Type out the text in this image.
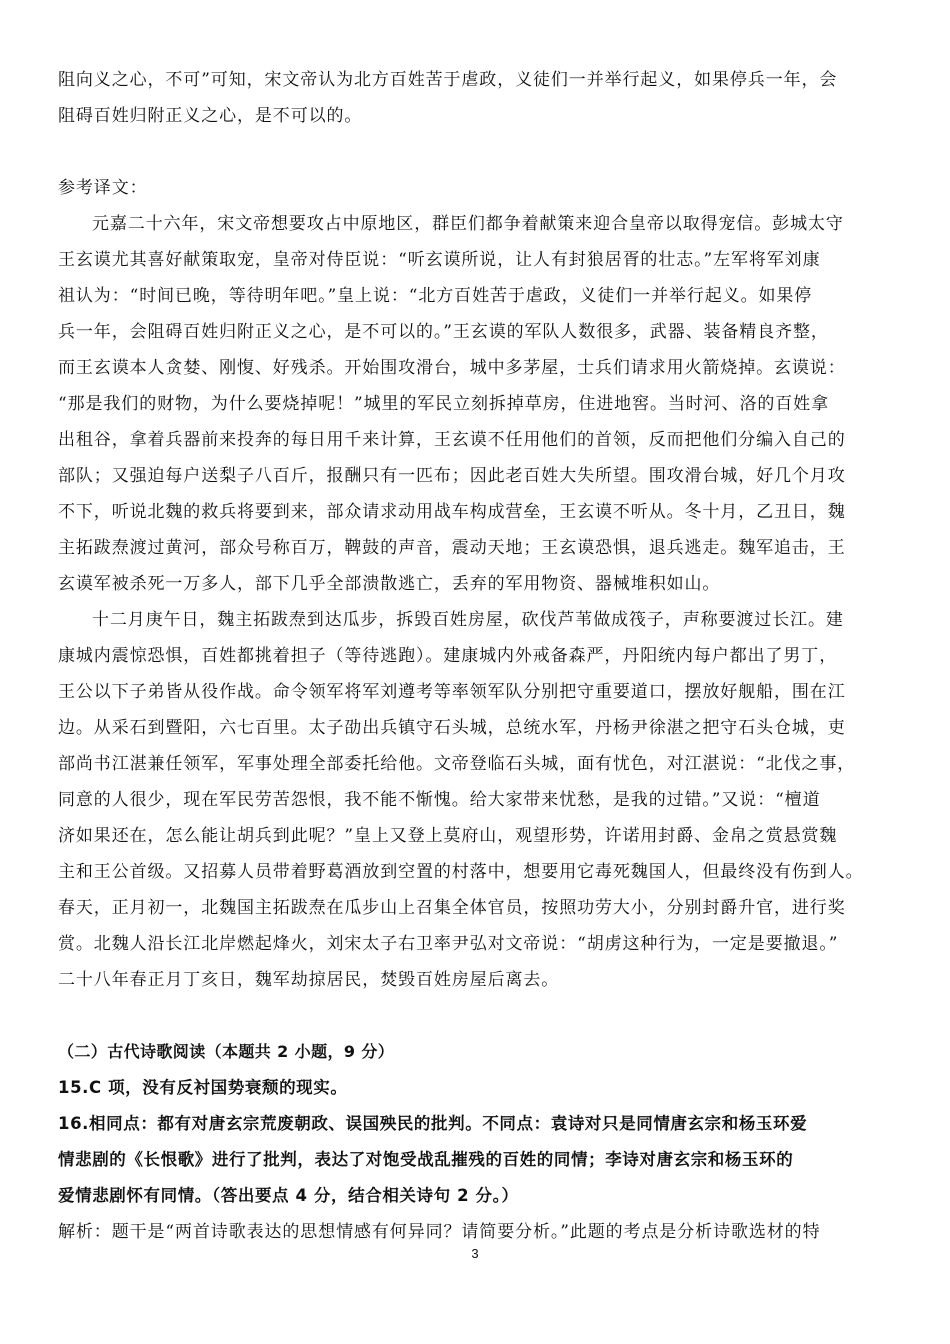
阻向义之心，不可”可知，宋文帝认为北方百姓苦于虐政，义徒们一并举行起义，如果停兵一年，会
阻碍百姓归附正义之心，是不可以的。
参考译文：
元嘉二十六年，宋文帝想要攻占中原地区，群臣们都争着献策来迎合皇帝以取得宠信。彭城太守
王玄谟尤其喜好献策取宠，皇帝对侍臣说：“听玄谟所说，让人有封狼居胥的壮志。”左军将军刘康
祖认为：“时间已晚，等待明年吧。”皇上说：“北方百姓苦于虐政，义徒们一并举行起义。如果停
兵一年，会阻碍百姓归附正义之心，是不可以的。”王玄谟的军队人数很多，武器、装备精良齐整，
而王玄谟本人贪婪、刚愎、好残杀。开始围攻滑台，城中多茅屋，士兵们请求用火箭烧掉。玄谟说：
“那是我们的财物，为什么要烧掉呢！”城里的军民立刻拆掉草房，住进地窖。当时河、洛的百姓拿
出租谷，拿着兵器前来投奔的每日用千来计算，王玄谟不任用他们的首领，反而把他们分编入自己的
部队；又强迫每户送梨子八百斤，报酬只有一匹布；因此老百姓大失所望。围攻滑台城，好几个月攻
不下，听说北魏的救兵将要到来，部众请求动用战车构成营垒，王玄谟不听从。冬十月，乙丑日，魏
主拓跋焘渡过黄河，部众号称百万，鞞鼓的声音，震动天地；王玄谟恐惧，退兵逃走。魏军追击，王
玄谟军被杀死一万多人，部下几乎全部溃散逃亡，丢弃的军用物资、器械堆积如山。
十二月庚午日，魏主拓跋焘到达瓜步，拆毁百姓房屋，砍伐芦苇做成筏子，声称要渡过长江。建
康城内震惊恐惧，百姓都挑着担子（等待逃跑）。建康城内外戒备森严，丹阳统内每户都出了男丁，
王公以下子弟皆从役作战。命令领军将军刘遵考等率领军队分别把守重要道口，摆放好舰船，围在江
边。从采石到暨阳，六七百里。太子劭出兵镇守石头城，总统水军，丹杨尹徐湛之把守石头仓城，吏
部尚书江湛兼任领军，军事处理全部委托给他。文帝登临石头城，面有忧色，对江湛说：“北伐之事，
同意的人很少，现在军民劳苦怨恨，我不能不惭愧。给大家带来忧愁，是我的过错。”又说：“檀道
济如果还在，怎么能让胡兵到此呢？”皇上又登上莫府山，观望形势，许诺用封爵、金帛之赏悬赏魏
主和王公首级。又招募人员带着野葛酒放到空置的村落中，想要用它毒死魏国人，但最终没有伤到人。
春天，正月初一，北魏国主拓跋焘在瓜步山上召集全体官员，按照功劳大小，分别封爵升官，进行奖
赏。北魏人沿长江北岸燃起烽火，刘宋太子右卫率尹弘对文帝说：“胡虏这种行为，一定是要撤退。”
二十八年春正月丁亥日，魏军劫掠居民，焚毁百姓房屋后离去。
（二）古代诗歌阅读（本题共 2 小题，9 分）
15.C 项，没有反衬国势衰颓的现实。
16.相同点：都有对唐玄宗荒废朝政、误国殃民的批判。不同点：袁诗对只是同情唐玄宗和杨玉环爱
情悲剧的《长恨歌》进行了批判，表达了对饱受战乱摧残的百姓的同情；李诗对唐玄宗和杨玉环的
爱情悲剧怀有同情。（答出要点 4 分，结合相关诗句 2 分。）
解析：题干是“两首诗歌表达的思想情感有何异同？请简要分析。”此题的考点是分析诗歌选材的特
3
